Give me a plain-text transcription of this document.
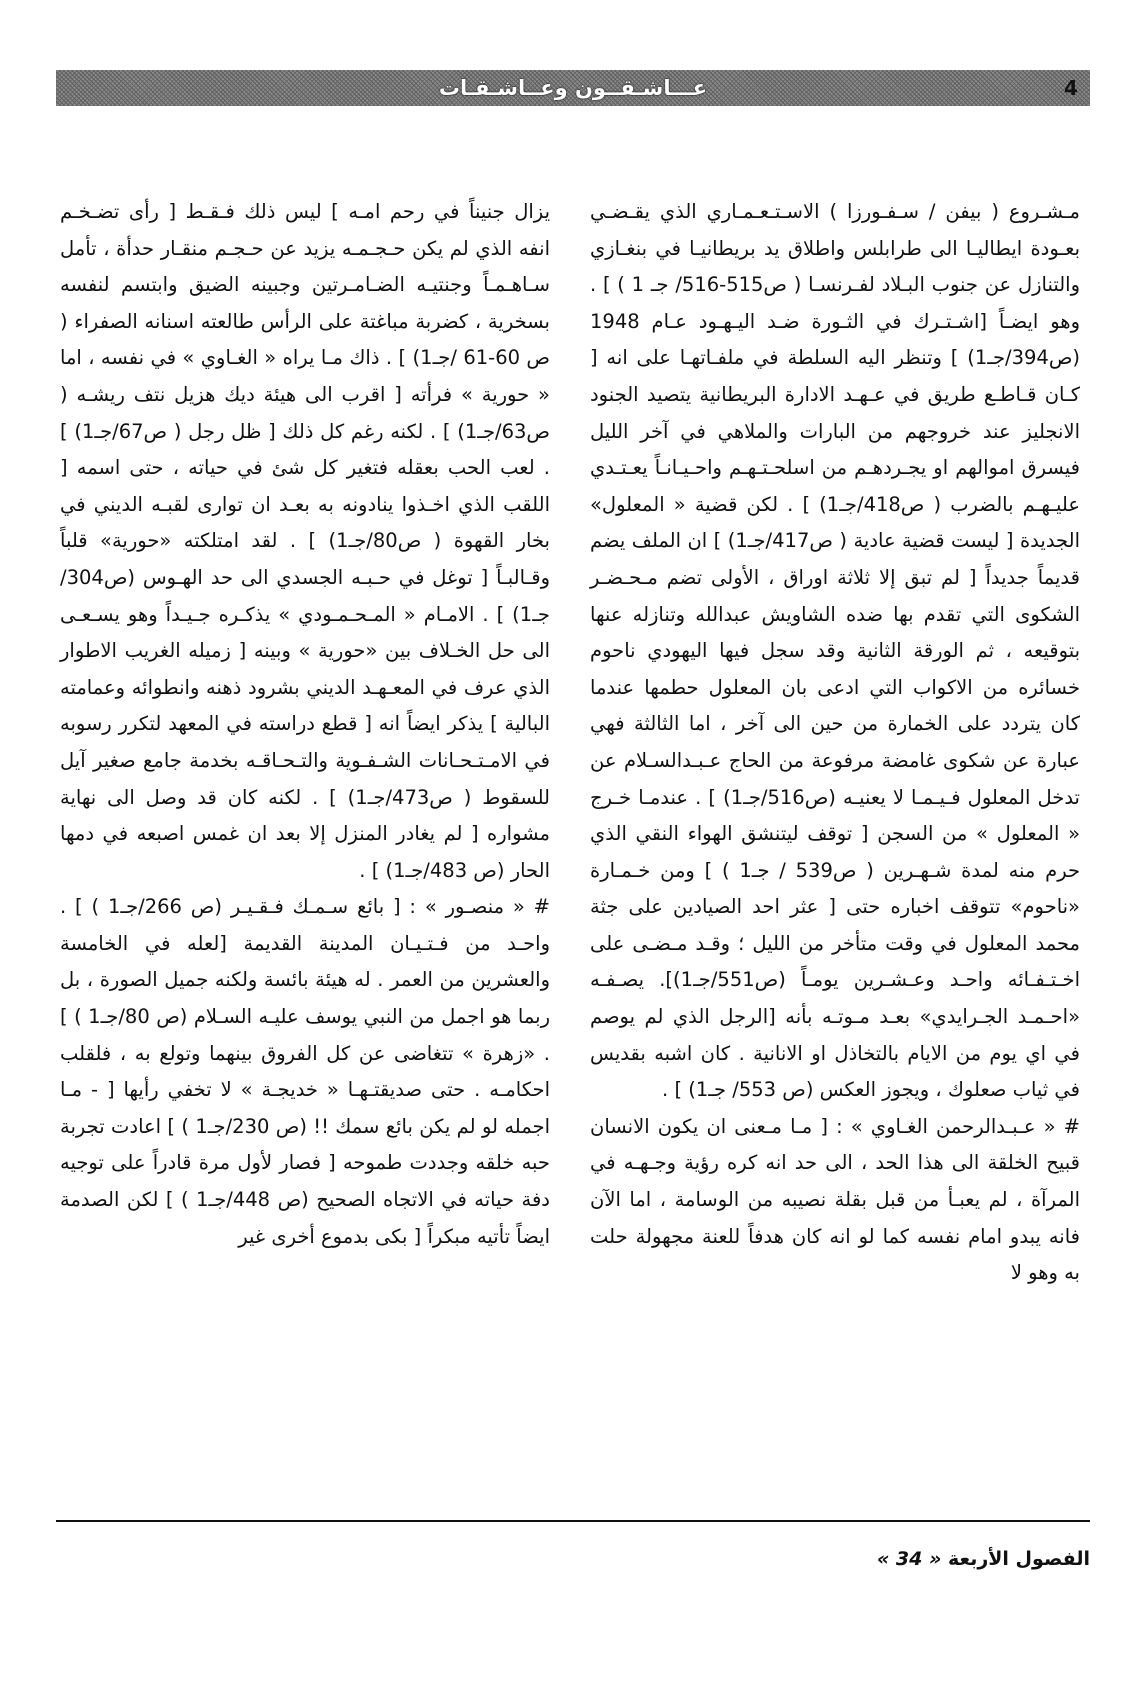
عـــاشـقــون وعــاشـقـات	4

مـشـروع ( بيفن / سـفـورزا ) الاسـتـعـمـاري الذي يقـضـي بعـودة ايطاليـا الى طرابلس واطلاق يد بريطانيـا في بنغـازي والتنازل عن جنوب البـلاد لفـرنسـا ( ص515-516/ جـ 1 ) ] . وهو ايضـاً [اشـتـرك في الثـورة ضـد اليـهـود عـام 1948 (ص394/جـ1) ] وتنظر اليه السلطة في ملفـاتهـا على انه [ كـان قـاطـع طريق في عـهـد الادارة البريطانية يتصيد الجنود الانجليز عند خروجهم من البارات والملاهي في آخر الليل فيسرق اموالهم او يجـردهـم من اسلحـتـهـم واحـيـانـاً يعـتـدي عليـهـم بالضرب ( ص418/جـ1) ] . لكن قضية « المعلول» الجديدة [ ليست قضية عادية ( ص417/جـ1) ] ان الملف يضم قديماً جديداً [ لم تبق إلا ثلاثة اوراق ، الأولى تضم مـحـضـر الشكوى التي تقدم بها ضده الشاويش عبدالله وتنازله عنها بتوقيعه ، ثم الورقة الثانية وقد سجل فيها اليهودي ناحوم خسائره من الاكواب التي ادعى بان المعلول حطمها عندما كان يتردد على الخمارة من حين الى آخر ، اما الثالثة فهي عبارة عن شكوى غامضة مرفوعة من الحاج عـبـدالسـلام عن تدخل المعلول فـيـمـا لا يعنيـه (ص516/جـ1) ] . عندمـا خـرج « المعلول » من السجن [ توقف ليتنشق الهواء النقي الذي حرم منه لمدة شـهـرين ( ص539 / جـ1 ) ] ومن خـمـارة «ناحوم» تتوقف اخباره حتى [ عثر احد الصيادين على جثة محمد المعلول في وقت متأخر من الليل ؛ وقـد مـضـى على اخـتـفـائه واحـد وعـشـرين يومـاً (ص551/جـ1)]. يصـفـه «احـمـد الجـرايدي» بعـد مـوتـه بأنه [الرجل الذي لم يوصم في اي يوم من الايام بالتخاذل او الانانية . كان اشبه بقديس في ثياب صعلوك ، ويجوز العكس (ص 553/ جـ1) ] .

# « عـبـدالرحمن الغـاوي » : [ مـا مـعنى ان يكون الانسان قبيح الخلقة الى هذا الحد ، الى حد انه كره رؤية وجـهـه في المرآة ، لم يعبـأ من قبل بقلة نصيبه من الوسامة ، اما الآن فانه يبدو امام نفسه كما لو انه كان هدفاً للعنة مجهولة حلت به وهو لا

يزال جنيناً في رحم امـه ] ليس ذلك فـقـط [ رأى تضـخـم انفه الذي لم يكن حـجـمـه يزيد عن حـجـم منقـار حدأة ، تأمل سـاهـمـاً وجنتيـه الضـامـرتين وجبينه الضيق وابتسم لنفسه بسخرية ، كضربة مباغتة على الرأس طالعته اسنانه الصفراء ( ص 60-61 /جـ1) ] . ذاك مـا يراه « الغـاوي » في نفسه ، اما « حورية » فرأته [ اقرب الى هيئة ديك هزيل نتف ريشـه ( ص63/جـ1) ] . لكنه رغم كل ذلك [ ظل رجل ( ص67/جـ1) ] . لعب الحب بعقله فتغير كل شئ في حياته ، حتى اسمه [ اللقب الذي اخـذوا ينادونه به بعـد ان توارى لقبـه الديني في بخار القهوة ( ص80/جـ1) ] . لقد امتلكته «حورية» قلباً وقـالبـاً [ توغل في حـبـه الجسدي الى حد الهـوس (ص304/جـ1) ] . الامـام « المـحـمـودي » يذكـره جـيـداً وهو يسـعـى الى حل الخـلاف بين «حورية » وبينه [ زميله الغريب الاطوار الذي عرف في المعـهـد الديني بشرود ذهنه وانطوائه وعمامته البالية ] يذكر ايضاً انه [ قطع دراسته في المعهد لتكرر رسوبه في الامـتـحـانات الشـفـوية والتـحـاقـه بخدمة جامع صغير آيل للسقوط ( ص473/جـ1) ] . لكنه كان قد وصل الى نهاية مشواره [ لم يغادر المنزل إلا بعد ان غمس اصبعه في دمها الحار (ص 483/جـ1) ] .

# « منصـور » : [ بائع سـمـك فـقـيـر (ص 266/جـ1 ) ] . واحـد من فـتـيـان المدينة القديمة [لعله في الخامسة والعشرين من العمر . له هيئة بائسة ولكنه جميل الصورة ، بل ربما هو اجمل من النبي يوسف عليـه السـلام (ص 80/جـ1 ) ] . «زهرة » تتغاضى عن كل الفروق بينهما وتولع به ، فلقلب احكامـه . حتى صديقتـهـا « خديجـة » لا تخفي رأيها [ - مـا اجمله لو لم يكن بائع سمك !! (ص 230/جـ1 ) ] اعادت تجربة حبه خلقه وجددت طموحه [ فصار لأول مرة قادراً على توجيه دفة حياته في الاتجاه الصحيح (ص 448/جـ1 ) ] لكن الصدمة ايضاً تأتيه مبكراً [ بكى بدموع أخرى غير

الفصول الأربعة « 34 »
